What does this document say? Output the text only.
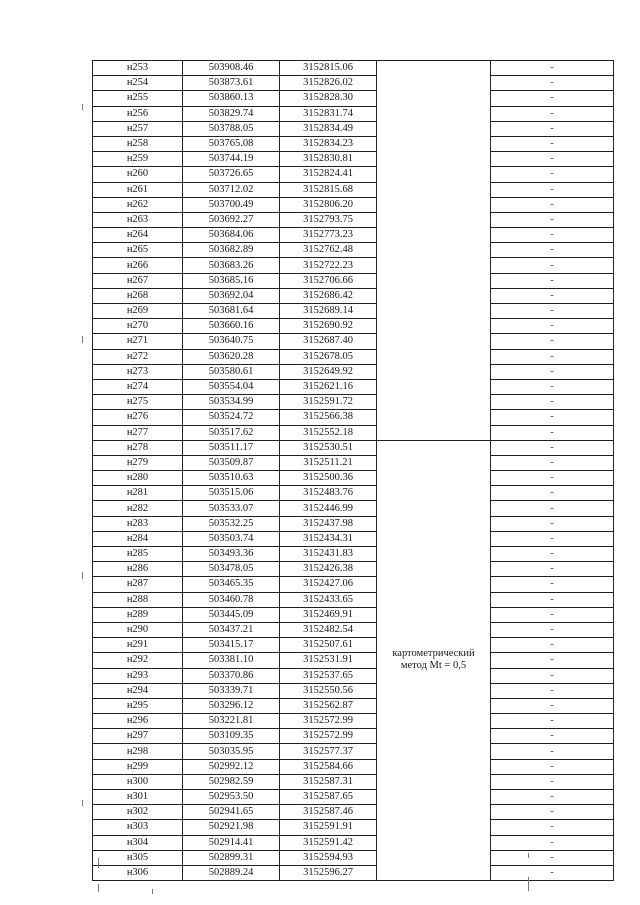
н253	503908.46	3152815.06		-
н254	503873.61	3152826.02		-
н255	503860.13	3152828.30		-
н256	503829.74	3152831.74		-
н257	503788.05	3152834.49		-
н258	503765.08	3152834.23		-
н259	503744.19	3152830.81		-
н260	503726.65	3152824.41		-
н261	503712.02	3152815.68		-
н262	503700.49	3152806.20		-
н263	503692.27	3152793.75		-
н264	503684.06	3152773.23		-
н265	503682.89	3152762.48		-
н266	503683.26	3152722.23		-
н267	503685.16	3152706.66		-
н268	503692.04	3152686.42		-
н269	503681.64	3152689.14		-
н270	503660.16	3152690.92		-
н271	503640.75	3152687.40		-
н272	503620.28	3152678.05		-
н273	503580.61	3152649.92		-
н274	503554.04	3152621.16		-
н275	503534.99	3152591.72		-
н276	503524.72	3152566.38		-
н277	503517.62	3152552.18		-
н278	503511.17	3152530.51	картометрический
метод Mt = 0,5	-
н279	503509.87	3152511.21		-
н280	503510.63	3152500.36		-
н281	503515.06	3152483.76		-
н282	503533.07	3152446.99		-
н283	503532.25	3152437.98		-
н284	503503.74	3152434.31		-
н285	503493.36	3152431.83		-
н286	503478.05	3152426.38		-
н287	503465.35	3152427.06		-
н288	503460.78	3152433.65		-
н289	503445.09	3152469.91		-
н290	503437.21	3152482.54		-
н291	503415.17	3152507.61		-
н292	503381.10	3152531.91		-
н293	503370.86	3152537.65		-
н294	503339.71	3152550.56		-
н295	503296.12	3152562.87		-
н296	503221.81	3152572.99		-
н297	503109.35	3152572.99		-
н298	503035.95	3152577.37		-
н299	502992.12	3152584.66		-
н300	502982.59	3152587.31		-
н301	502953.50	3152587.65		-
н302	502941.65	3152587.46		-
н303	502921.98	3152591.91		-
н304	502914.41	3152591.42		-
н305	502899.31	3152594.93		-
н306	502889.24	3152596.27		-
